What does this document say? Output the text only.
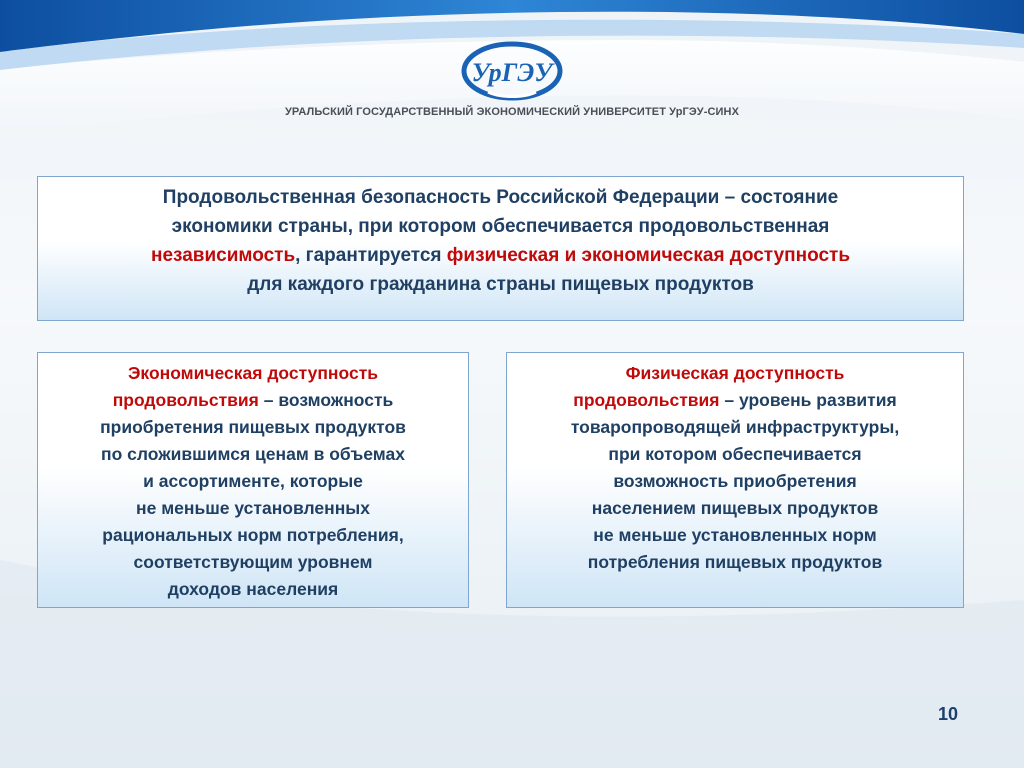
УрГЭУ
УРАЛЬСКИЙ ГОСУДАРСТВЕННЫЙ ЭКОНОМИЧЕСКИЙ УНИВЕРСИТЕТ УрГЭУ-СИНХ
Продовольственная безопасность Российской Федерации – состояние
экономики страны, при котором обеспечивается продовольственная
независимость, гарантируется физическая и экономическая доступность
для каждого гражданина страны пищевых продуктов
Экономическая доступность
продовольствия – возможность
приобретения пищевых продуктов
по сложившимся ценам в объемах
и ассортименте, которые
не меньше установленных
рациональных норм потребления,
соответствующим уровнем
доходов населения
Физическая доступность
продовольствия – уровень развития
товаропроводящей инфраструктуры,
при котором обеспечивается
возможность приобретения
населением пищевых продуктов
не меньше установленных норм
потребления пищевых продуктов
10
